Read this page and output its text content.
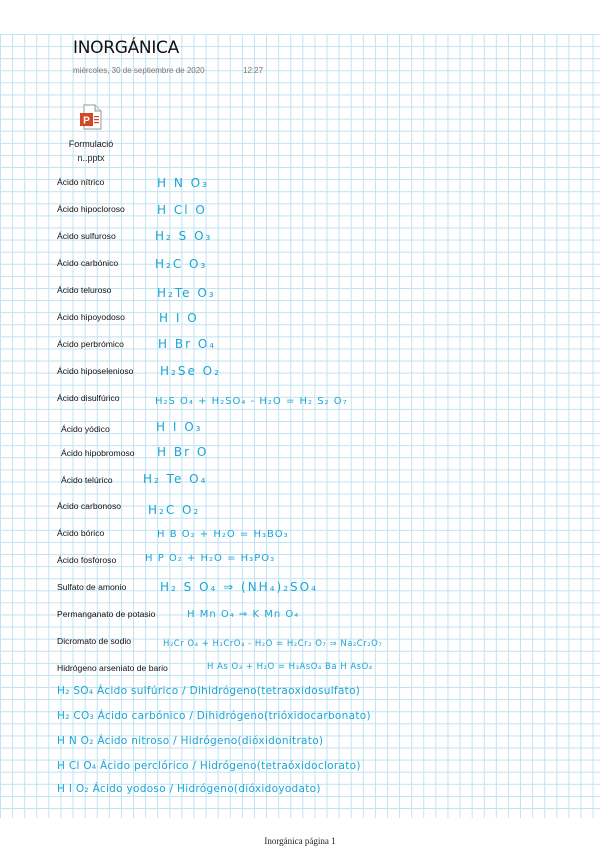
INORGÁNICA
miércoles, 30 de septiembre de 2020	12:27
P
Formulació
n..pptx
Ácido nítrico
Ácido hipocloroso
Ácido sulfuroso
Ácido carbónico
Ácido teluroso
Ácido hipoyodoso
Ácido perbrómico
Ácido hiposelenioso
Ácido disulfúrico
Ácido yódico
Ácido hipobromoso
Ácido telúrico
Ácido carbonoso
Ácido bórico
Ácido fosforoso
Sulfato de amonio
Permanganato de potasio
Dicromato de sodio
Hidrógeno arseniato de bario
H N O₃
H Cl O
H₂ S O₃
H₂C O₃
H₂Te O₃
H I O
H Br O₄
H₂Se O₂
H₂S O₄ + H₂SO₄ - H₂O = H₂ S₂ O₇
H I O₃
H Br O
H₂ Te O₄
H₂C O₂
H B O₂ + H₂O = H₃BO₃
H P O₂ + H₂O = H₃PO₃
H₂ S O₄ ⇒ (NH₄)₂SO₄
H Mn O₄ ⇒ K Mn O₄
H₂Cr O₄ + H₂CrO₄ - H₂O = H₂Cr₂ O₇ ⇒ Na₂Cr₂O₇
H As O₃ + H₂O = H₃AsO₄ Ba H AsO₄
H₂ SO₄ Ácido sulfúrico / Dihidrógeno(tetraoxidosulfato)
H₂ CO₃ Ácido carbónico / Dihidrógeno(trióxidocarbonato)
H N O₂ Ácido nitroso / Hidrógeno(dióxidonitrato)
H Cl O₄ Ácido perclórico / Hidrógeno(tetraóxidoclorato)
H I O₂ Ácido yodoso / Hidrógeno(dióxidoyodato)
Inorgánica página 1
